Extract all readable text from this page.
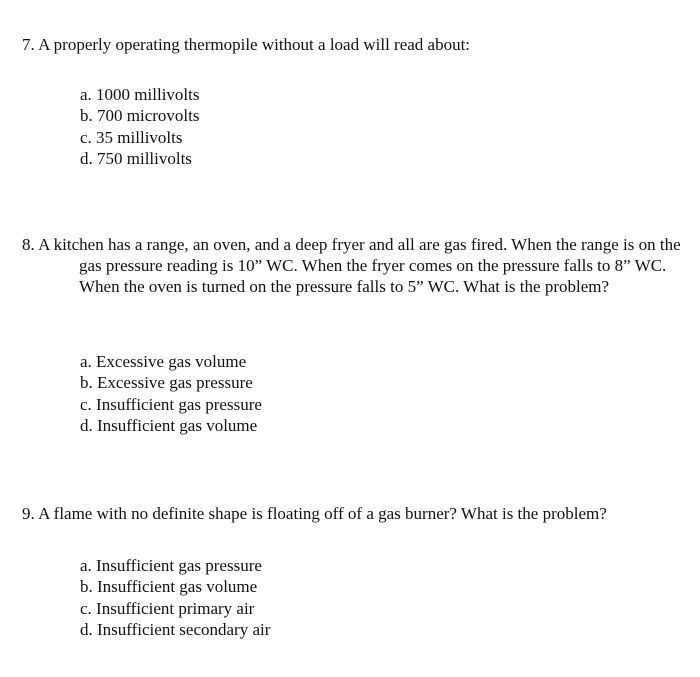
7. A properly operating thermopile without a load will read about:

a. 1000 millivolts
b. 700 microvolts
c. 35 millivolts
d. 750 millivolts

8. A kitchen has a range, an oven, and a deep fryer and all are gas fired. When the range is on the gas pressure reading is 10” WC. When the fryer comes on the pressure falls to 8” WC. When the oven is turned on the pressure falls to 5” WC. What is the problem?

a. Excessive gas volume
b. Excessive gas pressure
c. Insufficient gas pressure
d. Insufficient gas volume

9. A flame with no definite shape is floating off of a gas burner? What is the problem?

a. Insufficient gas pressure
b. Insufficient gas volume
c. Insufficient primary air
d. Insufficient secondary air
